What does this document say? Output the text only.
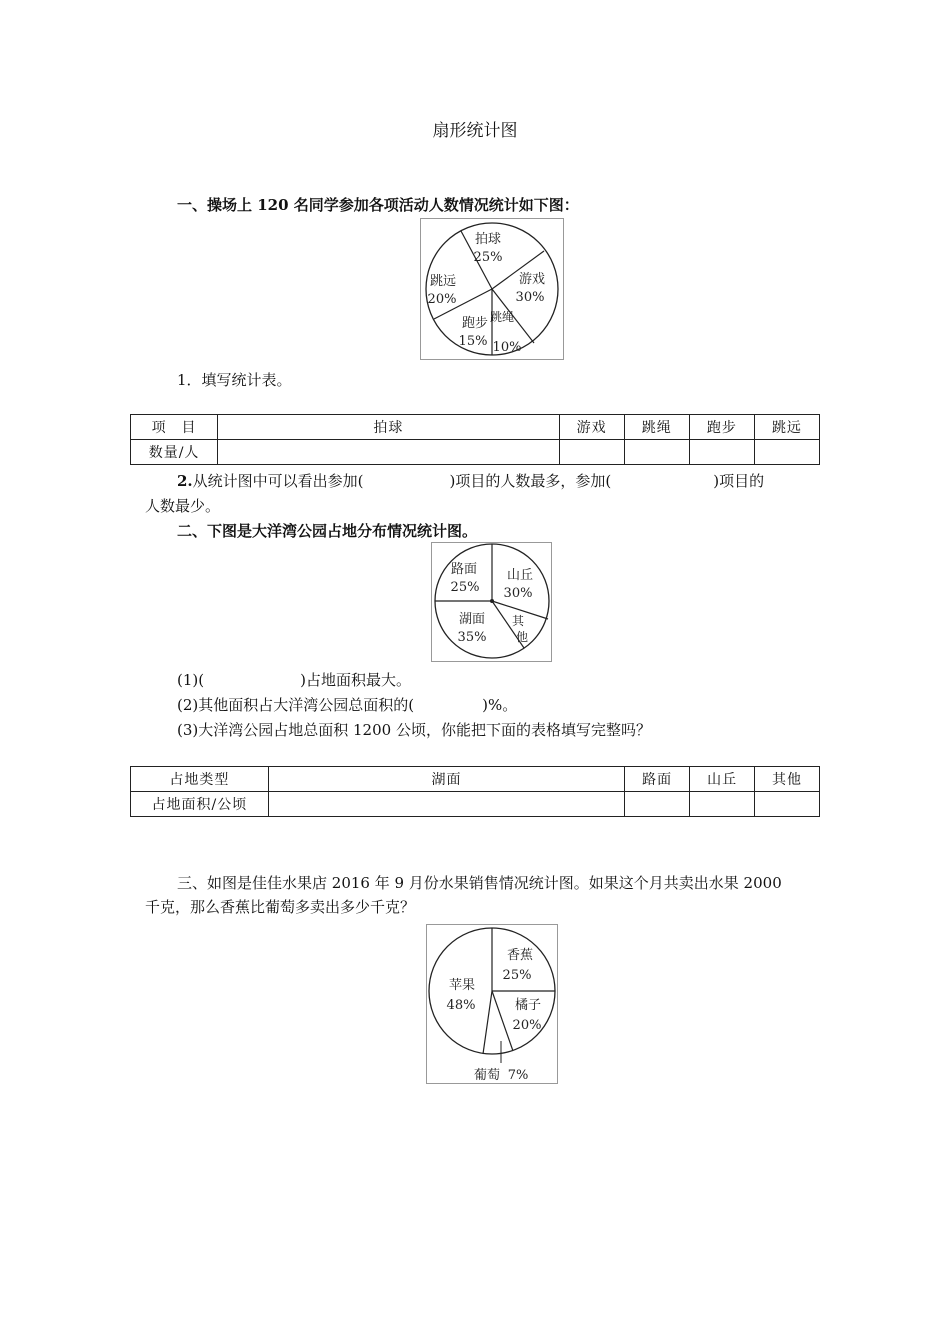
扇形统计图
一、操场上 120 名同学参加各项活动人数情况统计如下图：
拍球
25%
游戏
30%
跳绳
10%
跑步
15%
跳远
20%
1．填写统计表。
项　目	拍球	游戏	跳绳	跑步	跳远
数量/人					
2.从统计图中可以看出参加(	)项目的人数最多，参加(	)项目的
人数最少。
二、下图是大洋湾公园占地分布情况统计图。
路面
25%
山丘
30%
其
他
湖面
35%
(1)(	)占地面积最大。
(2)其他面积占大洋湾公园总面积的(	)%。
(3)大洋湾公园占地总面积 1200 公顷，你能把下面的表格填写完整吗？
占地类型	湖面	路面	山丘	其他
占地面积/公顷				
三、如图是佳佳水果店 2016 年 9 月份水果销售情况统计图。如果这个月共卖出水果 2000
千克，那么香蕉比葡萄多卖出多少千克？
香蕉
25%
橘子
20%
苹果
48%
葡萄 7%
